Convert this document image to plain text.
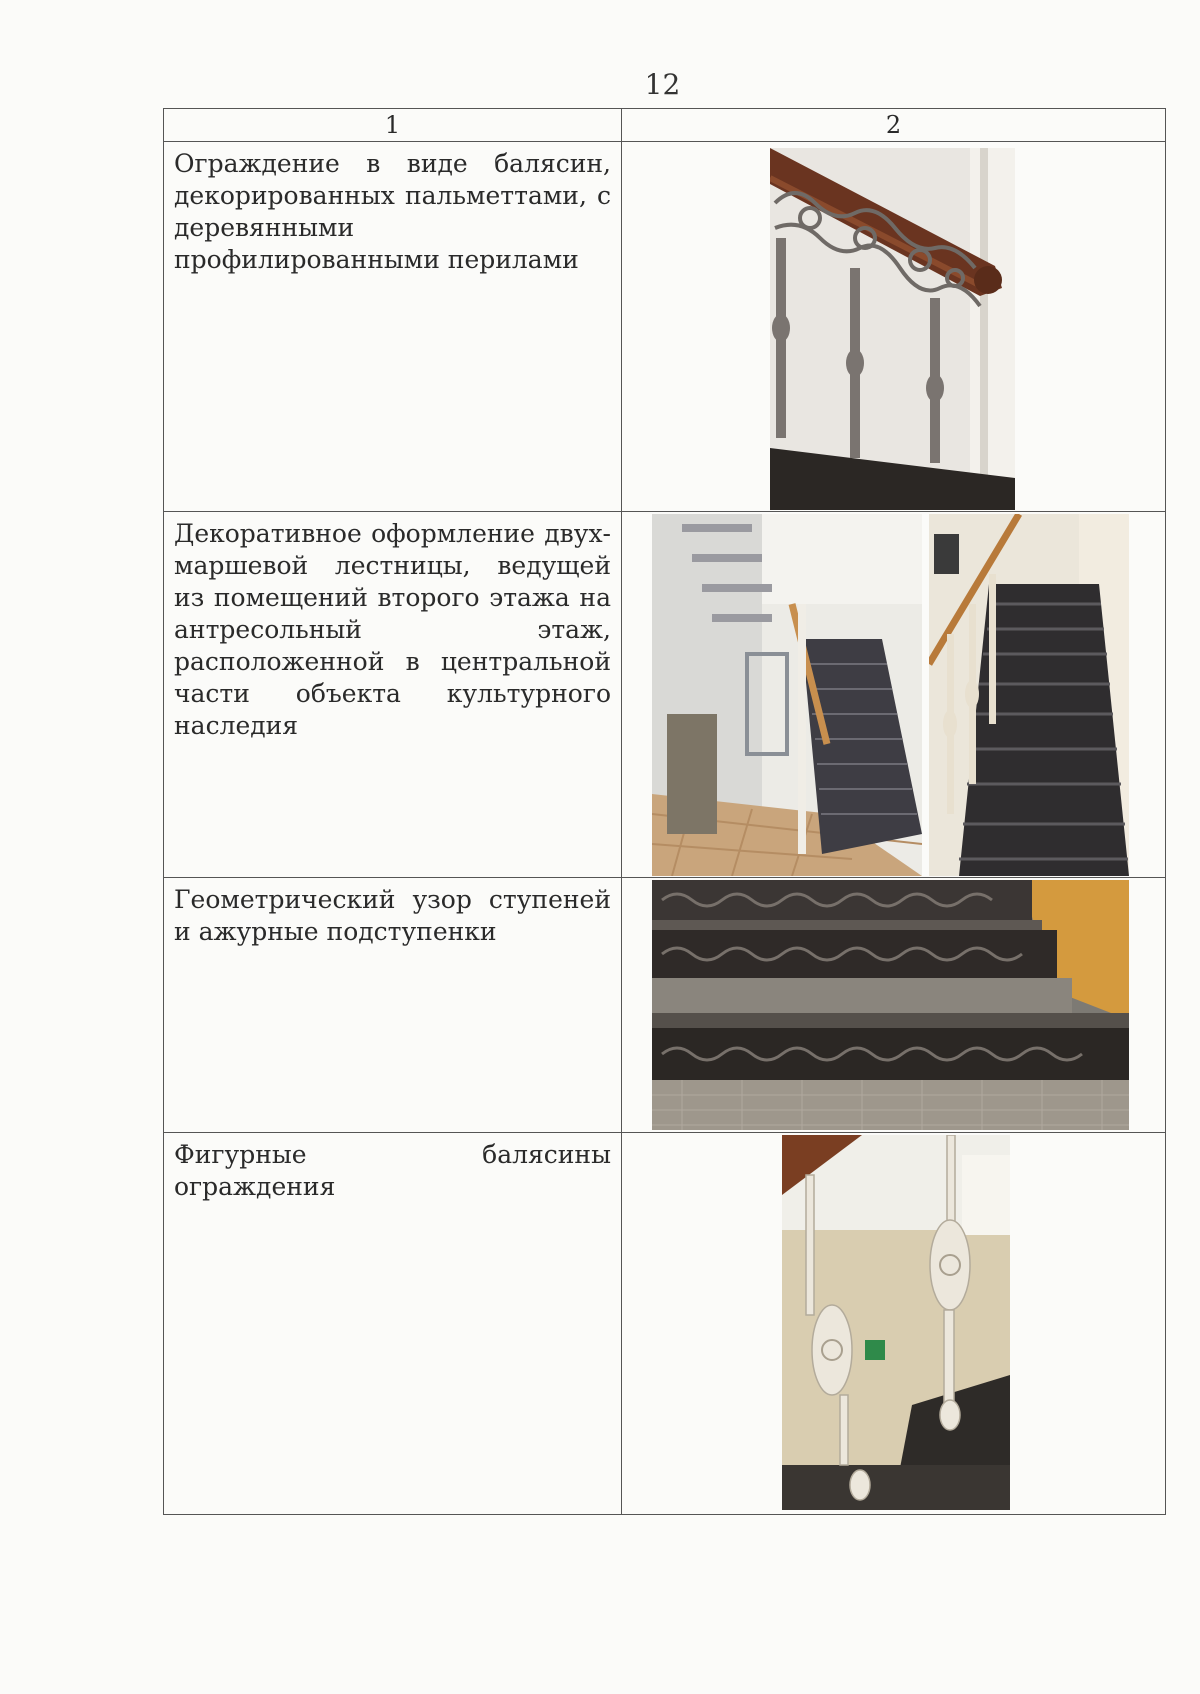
12
1	2

Ограждение в виде балясин, декорированных пальметтами, с деревянными профилированными перилами

Декоративное оформление двухмаршевой лестницы, ведущей из помещений второго этажа на антресольный этаж, расположенной в центральной части объекта культурного наследия

Геометрический узор ступеней и ажурные подступенки

Фигурные балясины ограждения
